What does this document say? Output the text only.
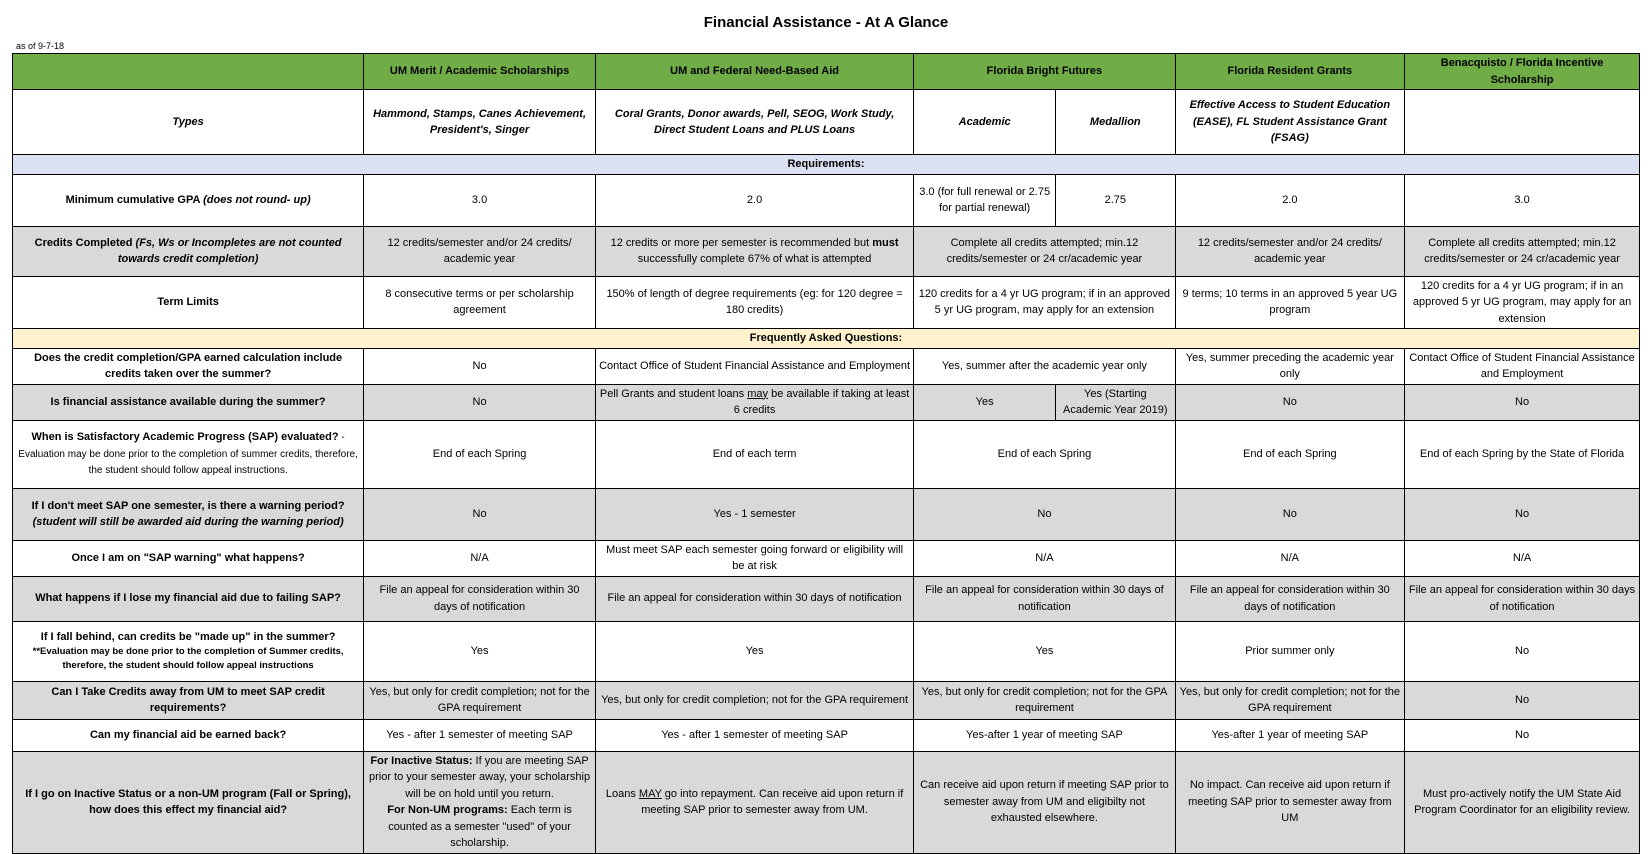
Financial Assistance - At A Glance
as of 9-7-18
	UM Merit / Academic Scholarships	UM and Federal Need-Based Aid	Florida Bright Futures		Florida Resident Grants	Benacquisto / Florida Incentive Scholarship
Types	Hammond, Stamps, Canes Achievement, President's, Singer	Coral Grants, Donor awards, Pell, SEOG, Work Study, Direct Student Loans and PLUS Loans	Academic	Medallion	Effective Access to Student Education (EASE), FL Student Assistance Grant (FSAG)	
Requirements:						
Minimum cumulative GPA (does not round- up)	3.0	2.0	3.0 (for full renewal or 2.75 for partial renewal)	2.75	2.0	3.0
Credits Completed (Fs, Ws or Incompletes are not counted towards credit completion)	12 credits/semester and/or 24 credits/ academic year	12 credits or more per semester is recommended but must successfully complete 67% of what is attempted	Complete all credits attempted; min.12 credits/semester or 24 cr/academic year		12 credits/semester and/or 24 credits/ academic year	Complete all credits attempted; min.12 credits/semester or 24 cr/academic year
Term Limits	8 consecutive terms or per scholarship agreement	150% of length of degree requirements (eg: for 120 degree = 180 credits)	120 credits for a 4 yr UG program; if in an approved 5 yr UG program, may apply for an extension		9 terms; 10 terms in an approved 5 year UG program	120 credits for a 4 yr UG program; if in an approved 5 yr UG program, may apply for an extension
Frequently Asked Questions:						
Does the credit completion/GPA earned calculation include credits taken over the summer?	No	Contact Office of Student Financial Assistance and Employment	Yes, summer after the academic year only		Yes, summer preceding the academic year only	Contact Office of Student Financial Assistance and Employment
Is financial assistance available during the summer?	No	Pell Grants and student loans may be available if taking at least 6 credits	Yes	Yes (Starting Academic Year 2019)	No	No
When is Satisfactory Academic Progress (SAP) evaluated? - Evaluation may be done prior to the completion of summer credits, therefore, the student should follow appeal instructions.	End of each Spring	End of each term	End of each Spring		End of each Spring	End of each Spring by the State of Florida
If I don't meet SAP one semester, is there a warning period? (student will still be awarded aid during the warning period)	No	Yes - 1 semester	No		No	No
Once I am on "SAP warning" what happens?	N/A	Must meet SAP each semester going forward or eligibility will be at risk	N/A		N/A	N/A
What happens if I lose my financial aid due to failing SAP?	File an appeal for consideration within 30 days of notification	File an appeal for consideration within 30 days of notification	File an appeal for consideration within 30 days of notification		File an appeal for consideration within 30 days of notification	File an appeal for consideration within 30 days of notification

If I fall behind, can credits be "made up" in the summer?
**Evaluation may be done prior to the completion of Summer credits, therefore, the student should follow appeal instructions	Yes	Yes	Yes		Prior summer only	No
Can I Take Credits away from UM to meet SAP credit requirements?	Yes, but only for credit completion; not for the GPA requirement	Yes, but only for credit completion; not for the GPA requirement	Yes, but only for credit completion; not for the GPA requirement		Yes, but only for credit completion; not for the GPA requirement	No
Can my financial aid be earned back?	Yes - after 1 semester of meeting SAP	Yes - after 1 semester of meeting SAP	Yes-after 1 year of meeting SAP		Yes-after 1 year of meeting SAP	No
If I go on Inactive Status or a non-UM program (Fall or Spring), how does this effect my financial aid?	For Inactive Status: If you are meeting SAP prior to your semester away, your scholarship will be on hold until you return.
For Non-UM programs: Each term is counted as a semester "used" of your scholarship.	Loans MAY go into repayment. Can receive aid upon return if meeting SAP prior to semester away from UM.	Can receive aid upon return if meeting SAP prior to semester away from UM and eligibilty not exhausted elsewhere.		No impact. Can receive aid upon return if meeting SAP prior to semester away from UM	Must pro-actively notify the UM State Aid Program Coordinator for an eligibility review.
